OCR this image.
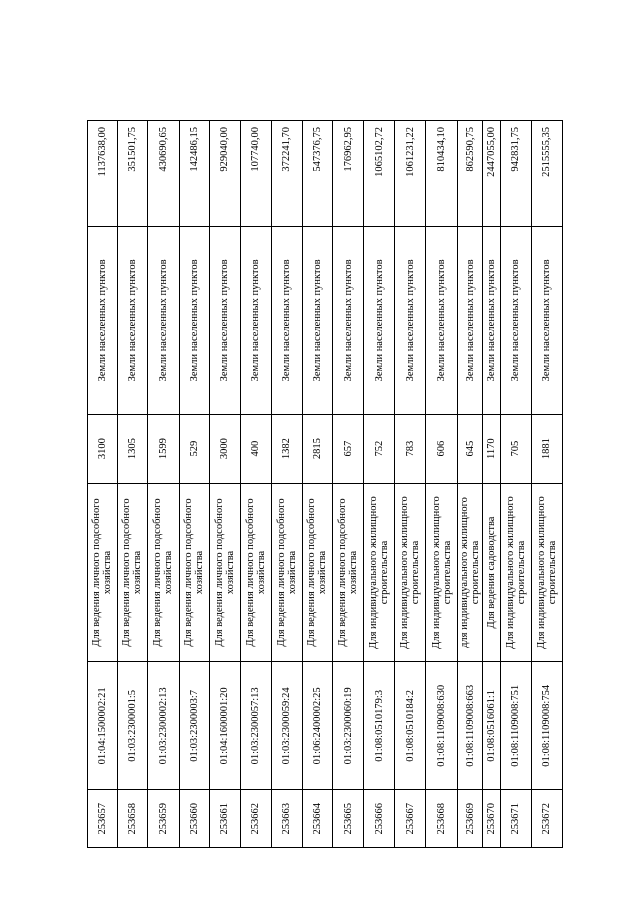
253657	01:04:1500002:21	Для ведения личного подсобного хозяйства	3100	Земли населенных пунктов	1137638,00
253658	01:03:2300001:5	Для ведения личного подсобного хозяйства	1305	Земли населенных пунктов	351501,75
253659	01:03:2300002:13	Для ведения личного подсобного хозяйства	1599	Земли населенных пунктов	430690,65
253660	01:03:2300003:7	Для ведения личного подсобного хозяйства	529	Земли населенных пунктов	142486,15
253661	01:04:1600001:20	Для ведения личного подсобного хозяйства	3000	Земли населенных пунктов	929040,00
253662	01:03:2300057:13	Для ведения личного подсобного хозяйства	400	Земли населенных пунктов	107740,00
253663	01:03:2300059:24	Для ведения личного подсобного хозяйства	1382	Земли населенных пунктов	372241,70
253664	01:06:2400002:25	Для ведения личного подсобного хозяйства	2815	Земли населенных пунктов	547376,75
253665	01:03:2300060:19	Для ведения личного подсобного хозяйства	657	Земли населенных пунктов	176962,95
253666	01:08:0510179:3	Для индивидуального жилищного строительства	752	Земли населенных пунктов	1065102,72
253667	01:08:0510184:2	Для индивидуального жилищного строительства	783	Земли населенных пунктов	1061231,22
253668	01:08:1109008:630	Для индивидуального жилищного строительства	606	Земли населенных пунктов	810434,10
253669	01:08:1109008:663	для индивидуального жилищного строительства	645	Земли населенных пунктов	862590,75
253670	01:08:0516061:1	Для ведения садоводства	1170	Земли населенных пунктов	2447055,00
253671	01:08:1109008:751	Для индивидуального жилищного строительства	705	Земли населенных пунктов	942831,75
253672	01:08:1109008:754	Для индивидуального жилищного строительства	1881	Земли населенных пунктов	2515555,35
